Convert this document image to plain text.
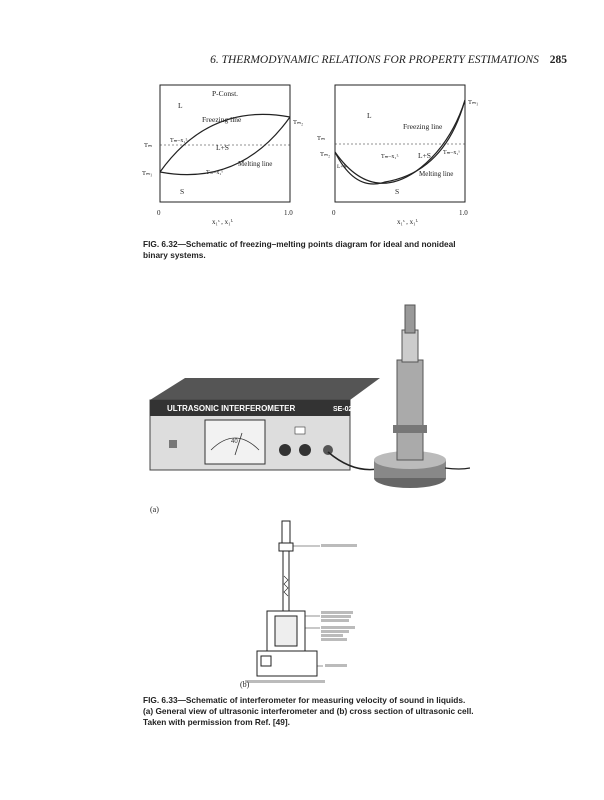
6. THERMODYNAMIC RELATIONS FOR PROPERTY ESTIMATIONS 285
P-Const.
L
Freezing line	Tₘ₂
Tₘ
Tₘ–x₁ᴸ
L+S
Melting line
Tₘ₁	Tₘ–x₁ˢ
S
0	1.0
x₁ˢ , x₁ᴸ
Tₘ₁
L
Freezing line
Tₘ
Tₘ₂	Tₘ–x₁ᴸ	L+S Tₘ–x₁ˢ
L+S
Melting line
S
0	1.0
x₁ˢ , x₁ᴸ
FIG. 6.32—Schematic of freezing–melting points diagram for ideal and nonideal
binary systems.
ULTRASONIC INTERFEROMETER	SE-02
40
(a)
(b)
FIG. 6.33—Schematic of interferometer for measuring velocity of sound in liquids.
(a) General view of ultrasonic interferometer and (b) cross section of ultrasonic cell.
Taken with permission from Ref. [49].
